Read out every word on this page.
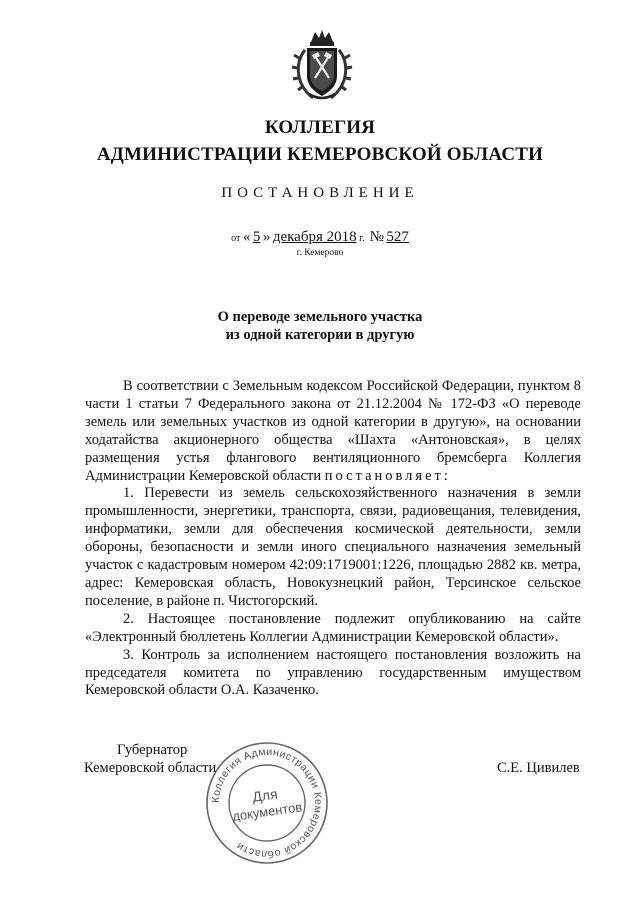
КОЛЛЕГИЯ
АДМИНИСТРАЦИИ КЕМЕРОВСКОЙ ОБЛАСТИ
ПОСТАНОВЛЕНИЕ
от « 5 » декабря 2018 г. № 527
г. Кемерово
О переводе земельного участка
из одной категории в другую

В соответствии с Земельным кодексом Российской Федерации, пунктом 8 части 1 статьи 7 Федерального закона от 21.12.2004 № 172-ФЗ «О переводе земель или земельных участков из одной категории в другую», на основании ходатайства акционерного общества «Шахта «Антоновская», в целях размещения устья флангового вентиляционного бремсберга Коллегия Администрации Кемеровской области постановляет:

1. Перевести из земель сельскохозяйственного назначения в земли промышленности, энергетики, транспорта, связи, радиовещания, телевидения, информатики, земли для обеспечения космической деятельности, земли обороны, безопасности и земли иного специального назначения земельный участок с кадастровым номером 42:09:1719001:1226, площадью 2882 кв. метра, адрес: Кемеровская область, Новокузнецкий район, Терсинское сельское поселение, в районе п. Чистогорский.

2. Настоящее постановление подлежит опубликованию на сайте «Электронный бюллетень Коллегии Администрации Кемеровской области».

3. Контроль за исполнением настоящего постановления возложить на председателя комитета по управлению государственным имуществом Кемеровской области О.А. Казаченко.

Коллегия Администрации Кемеровской области
Для
документов
Губернатор
Кемеровской области	С.Е. Цивилев
